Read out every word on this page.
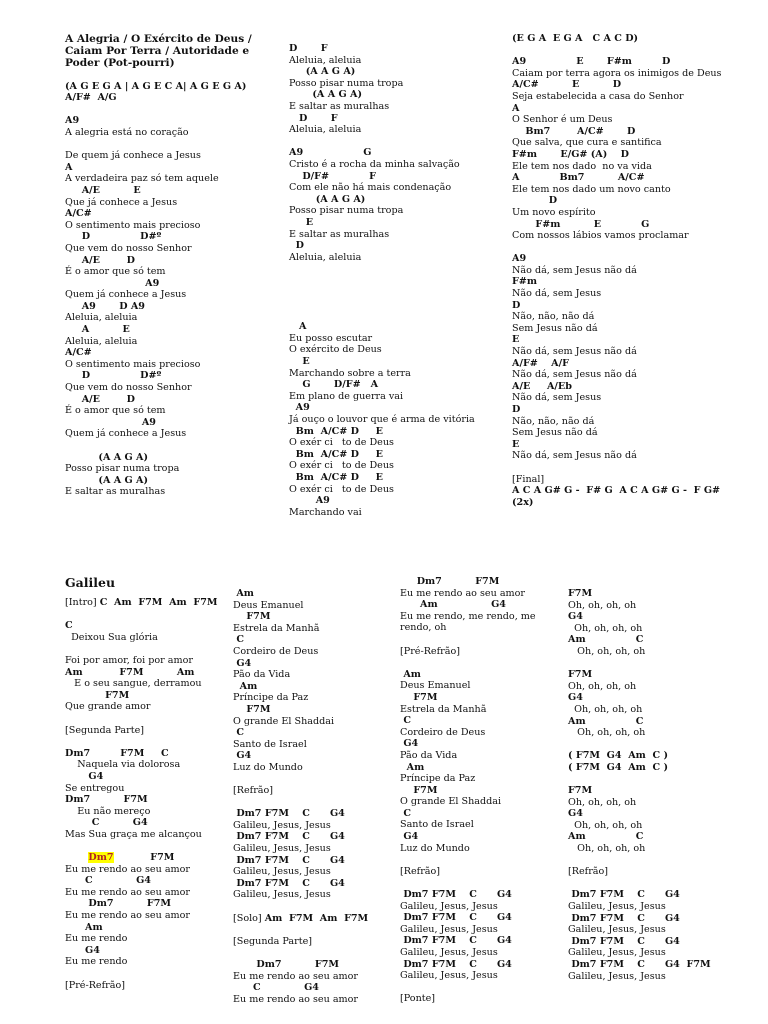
A Alegria / O Exército de Deus / Caiam Por Terra / Autoridade e Poder (Pot-pourri)
(A G E G A | A G E C A| A G E G A)
A/F#  A/G
A9
A alegria está no coração
De quem já conhece a Jesus
A
A verdadeira paz só tem aquele
A/E          E
Que já conhece a Jesus
A/C#
O sentimento mais precioso
D               D#º
Que vem do nosso Senhor
A/E        D
É o amor que só tem
A9
Quem já conhece a Jesus
A9       D A9
Aleluia, aleluia
A          E
Aleluia, aleluia
A/C#
O sentimento mais precioso
D               D#º
Que vem do nosso Senhor
A/E        D
É o amor que só tem
A9
Quem já conhece a Jesus
(A A G A)
Posso pisar numa tropa
(A A G A)
E saltar as muralhas
D       F
Aleluia, aleluia
(A A G A)
Posso pisar numa tropa
(A A G A)
E saltar as muralhas
D       F
Aleluia, aleluia
A9                  G
Cristo é a rocha da minha salvação
D/F#            F
Com ele não há mais condenação
(A A G A)
Posso pisar numa tropa
E
E saltar as muralhas
D
Aleluia, aleluia
A
Eu posso escutar
O exército de Deus
E
Marchando sobre a terra
G       D/F#   A
Em plano de guerra vai
A9
Já ouço o louvor que é arma de vitória
Bm  A/C# D     E
O exér ci   to de Deus
Bm  A/C# D     E
O exér ci   to de Deus
Bm  A/C# D     E
O exér ci   to de Deus
A9
Marchando vai
(E G A  E G A   C A C D)
A9               E       F#m         D
Caiam por terra agora os inimigos de Deus
A/C#          E          D
Seja estabelecida a casa do Senhor
A
O Senhor é um Deus
Bm7        A/C#       D
Que salva, que cura e santifica
F#m       E/G# (A)    D
Ele tem nos dado  no va vida
A            Bm7          A/C#
Ele tem nos dado um novo canto
D
Um novo espírito
F#m          E            G
Com nossos lábios vamos proclamar
A9
Não dá, sem Jesus não dá
F#m
Não dá, sem Jesus
D
Não, não, não dá
Sem Jesus não dá
E
Não dá, sem Jesus não dá
A/F#    A/F
Não dá, sem Jesus não dá
A/E     A/Eb
Não dá, sem Jesus
D
Não, não, não dá
Sem Jesus não dá
E
Não dá, sem Jesus não dá
[Final]
A C A G# G -  F# G  A C A G# G -  F G#
(2x)
Galileu
[Intro] C  Am  F7M  Am  F7M
C
Deixou Sua glória
Foi por amor, foi por amor
Am           F7M          Am
E o seu sangue, derramou
F7M
Que grande amor
[Segunda Parte]
Dm7         F7M     C
Naquela via dolorosa
G4
Se entregou
Dm7          F7M
Eu não mereço
C          G4
Mas Sua graça me alcançou
Dm7           F7M
Eu me rendo ao seu amor
C             G4
Eu me rendo ao seu amor
Dm7          F7M
Eu me rendo ao seu amor
Am
Eu me rendo
G4
Eu me rendo
[Pré-Refrão]
Am
Deus Emanuel
F7M
Estrela da Manhã
C
Cordeiro de Deus
G4
Pão da Vida
Am
Príncipe da Paz
F7M
O grande El Shaddai
C
Santo de Israel
G4
Luz do Mundo
[Refrão]
Dm7 F7M    C      G4
Galileu, Jesus, Jesus
Dm7 F7M    C      G4
Galileu, Jesus, Jesus
Dm7 F7M    C      G4
Galileu, Jesus, Jesus
Dm7 F7M    C      G4
Galileu, Jesus, Jesus
[Solo] Am  F7M  Am  F7M
[Segunda Parte]
Dm7          F7M
Eu me rendo ao seu amor
C             G4
Eu me rendo ao seu amor
Dm7          F7M
Eu me rendo ao seu amor
Am                G4
Eu me rendo, me rendo, me
rendo, oh
[Pré-Refrão]
Am
Deus Emanuel
F7M
Estrela da Manhã
C
Cordeiro de Deus
G4
Pão da Vida
Am
Príncipe da Paz
F7M
O grande El Shaddai
C
Santo de Israel
G4
Luz do Mundo
[Refrão]
Dm7 F7M    C      G4
Galileu, Jesus, Jesus
Dm7 F7M    C      G4
Galileu, Jesus, Jesus
Dm7 F7M    C      G4
Galileu, Jesus, Jesus
Dm7 F7M    C      G4
Galileu, Jesus, Jesus
[Ponte]
F7M
Oh, oh, oh, oh
G4
Oh, oh, oh, oh
Am               C
Oh, oh, oh, oh
F7M
Oh, oh, oh, oh
G4
Oh, oh, oh, oh
Am               C
Oh, oh, oh, oh
( F7M  G4  Am  C )
( F7M  G4  Am  C )
F7M
Oh, oh, oh, oh
G4
Oh, oh, oh, oh
Am               C
Oh, oh, oh, oh
[Refrão]
Dm7 F7M    C      G4
Galileu, Jesus, Jesus
Dm7 F7M    C      G4
Galileu, Jesus, Jesus
Dm7 F7M    C      G4
Galileu, Jesus, Jesus
Dm7 F7M    C      G4  F7M
Galileu, Jesus, Jesus
